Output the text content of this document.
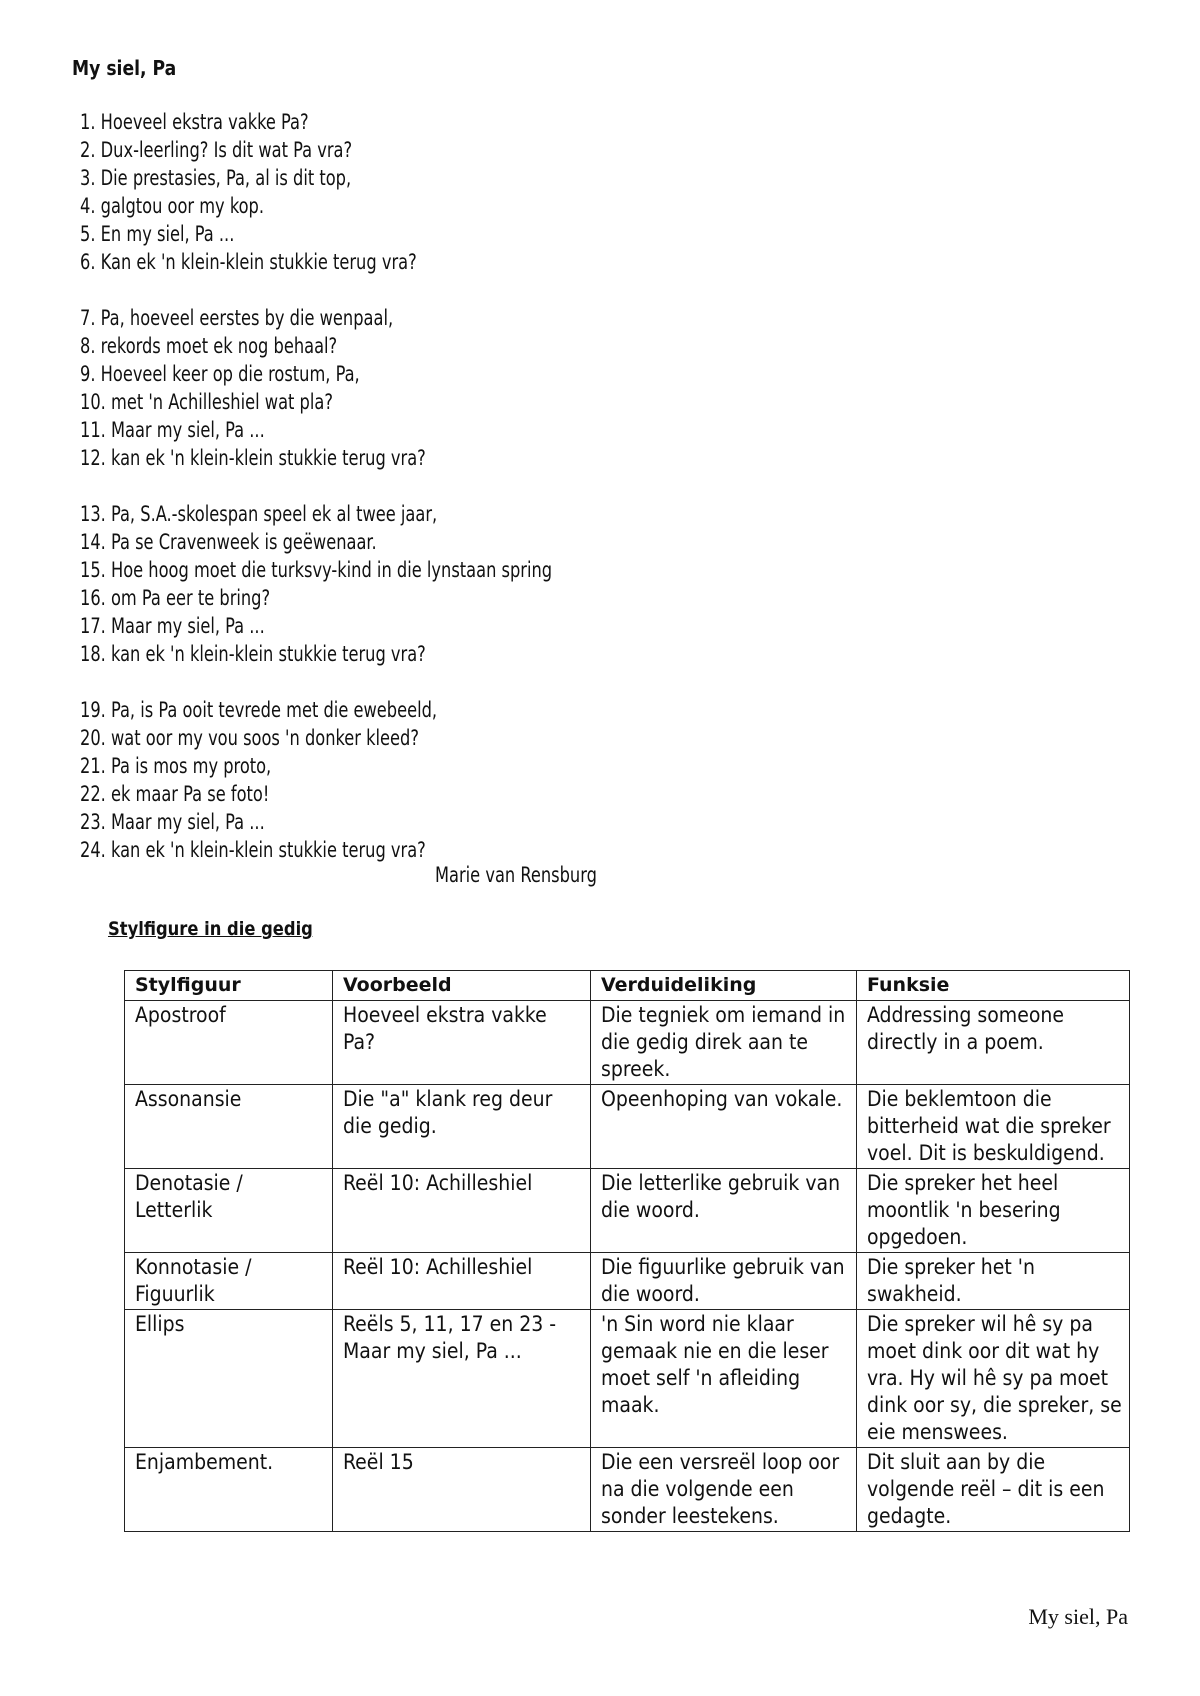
My siel, Pa
1. Hoeveel ekstra vakke Pa?
2. Dux-leerling? Is dit wat Pa vra?
3. Die prestasies, Pa, al is dit top,
4. galgtou oor my kop.
5. En my siel, Pa ...
6. Kan ek 'n klein-klein stukkie terug vra?
7. Pa, hoeveel eerstes by die wenpaal,
8. rekords moet ek nog behaal?
9. Hoeveel keer op die rostum, Pa,
10. met 'n Achilleshiel wat pla?
11. Maar my siel, Pa ...
12. kan ek 'n klein-klein stukkie terug vra?
13. Pa, S.A.-skolespan speel ek al twee jaar,
14. Pa se Cravenweek is geëwenaar.
15. Hoe hoog moet die turksvy-kind in die lynstaan spring
16. om Pa eer te bring?
17. Maar my siel, Pa ...
18. kan ek 'n klein-klein stukkie terug vra?
19. Pa, is Pa ooit tevrede met die ewebeeld,
20. wat oor my vou soos 'n donker kleed?
21. Pa is mos my proto,
22. ek maar Pa se foto!
23. Maar my siel, Pa ...
24. kan ek 'n klein-klein stukkie terug vra?
Marie van Rensburg
Stylfigure in die gedig
Stylfiguur	Voorbeeld	Verduideliking	Funksie
Apostroof	Hoeveel ekstra vakke Pa?	Die tegniek om iemand in die gedig direk aan te spreek.	Addressing someone directly in a poem.
Assonansie	Die "a" klank reg deur die gedig.	Opeenhoping van vokale.	Die beklemtoon die bitterheid wat die spreker voel. Dit is beskuldigend.
Denotasie / Letterlik	Reël 10: Achilleshiel	Die letterlike gebruik van die woord.	Die spreker het heel moontlik 'n besering opgedoen.
Konnotasie / Figuurlik	Reël 10: Achilleshiel	Die figuurlike gebruik van die woord.	Die spreker het 'n swakheid.
Ellips	Reëls 5, 11, 17 en 23 - Maar my siel, Pa ...	'n Sin word nie klaar gemaak nie en die leser moet self 'n afleiding maak.	Die spreker wil hê sy pa moet dink oor dit wat hy vra. Hy wil hê sy pa moet dink oor sy, die spreker, se eie menswees.
Enjambement.	Reël 15	Die een versreël loop oor na die volgende een sonder leestekens.	Dit sluit aan by die volgende reël – dit is een gedagte.
My siel, Pa
